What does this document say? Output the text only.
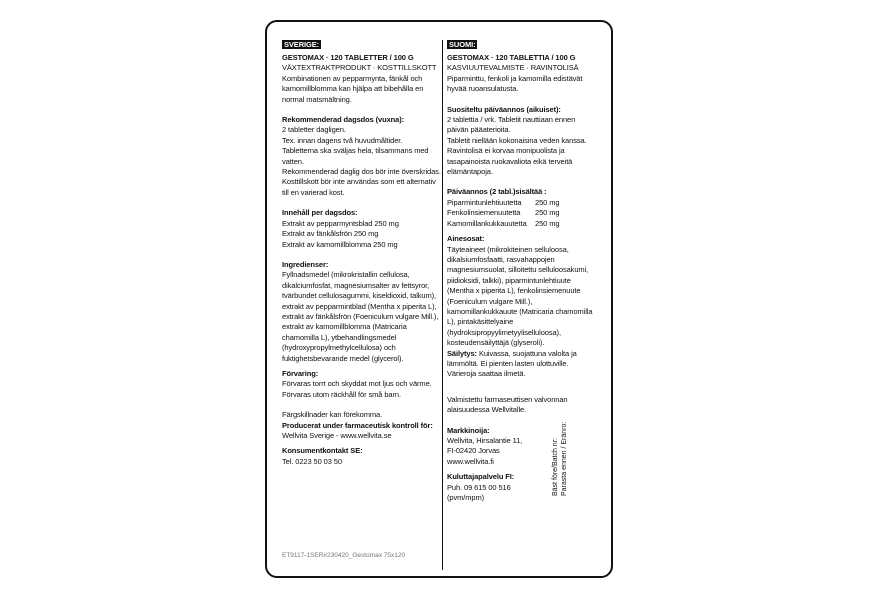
SVERIGE:

GESTOMAX · 120 TABLETTER / 100 G

VÄXTEXTRAKTPRODUKT · KOSTTILLSKOTT

Kombinationen av pepparmynta, fänkål och kamomillblomma kan hjälpa att bibehålla en normal matsmältning.

Rekommenderad dagsdos (vuxna):

2 tabletter dagligen.

Tex. innan dagens två huvudmåltider.

Tabletterna ska sväljas hela, tilsammans med vatten.

Rekommenderad daglig dos bör inte överskridas.

Kosttillskott bör inte användas som ett alternativ till en varierad kost.

Innehåll per dagsdos:

Extrakt av pepparmyntsblad 250 mg

Extrakt av fänkålsfrön 250 mg

Extrakt av kamomillblomma 250 mg

Ingredienser:

Fyllnadsmedel (mikrokristallin cellulosa, dikalciumfosfat, magnesiumsalter av fettsyror, tvärbundet cellulosagummi, kiseldioxid, talkum), extrakt av pepparmintblad (Mentha x piperita L), extrakt av fänkålsfrön (Foeniculum vulgare Mill.), extrakt av kamomillblomma (Matricaria chamomilla L), ytbehandlingsmedel (hydroxypropylmethylcellulosa) och fuktighetsbevarande medel (glycerol).

Förvaring:

Förvaras torrt och skyddat mot ljus och värme.

Förvaras utom räckhåll för små barn.

Färgskillnader kan förekomma.

Producerat under farmaceutisk kontroll för:

Wellvita Sverige - www.wellvita.se

Konsumentkontakt SE:

Tel. 0223 50 03 50

SUOMI:

GESTOMAX · 120 TABLETTIA / 100 G

KASVIUUTEVALMISTE · RAVINTOLISÄ

Piparminttu, fenkoli ja kamomilla edistävät hyvää ruoansulatusta.

Suositeltu päiväannos (aikuiset):

2 tablettia / vrk. Tabletit nauttiaan ennen päivän pääaterioita.

Tabletit niellään kokonaisina veden kanssa.

Ravintolisä ei korvaa monipuolista ja tasapainoista ruokavaliota eikä terveitä elämäntapoja.

Päiväannos (2 tabl.)sisältää :

Piparmintunlehtiuutetta	250 mg
Fenkolinsiemenuutetta	250 mg
Kamomillankukkauutetta	250 mg

Ainesosat:

Täyteaineet (mikrokiteinen selluloosa, dikalsiumfosfaatti, rasvahappojen magnesiumsuolat, silloitettu selluloosakumi, piidioksidi, talkki), piparmintunlehtiuute (Mentha x piperita L), fenkolinsiemenuute (Foeniculum vulgare Mill.), kamomillankukkauute (Matricaria chamomilla L), pintakäsittelyaine (hydroksipropyylimetyyliselluloosa), kosteudensäilyttäjä (glyseroli).

Säilytys: Kuivassa, suojattuna valolta ja lämmöltä. Ei pienten lasten ulottuville. Värieroja saattaa ilmetä.

Valmistettu farmaseuttisen valvonnan alaisuudessa Wellvitalle.

Markkinoija:

Wellvita, Hirsalantie 11,

FI-02420 Jorvas

www.wellvita.fi

Kuluttajapalvelu FI:

Puh. 09 615 00 516

(pvm/mpm)

Bäst före/Batch nr: Parasta ennen / Eränro:
ET9117-1SER#230420_Gestomax 75x120
